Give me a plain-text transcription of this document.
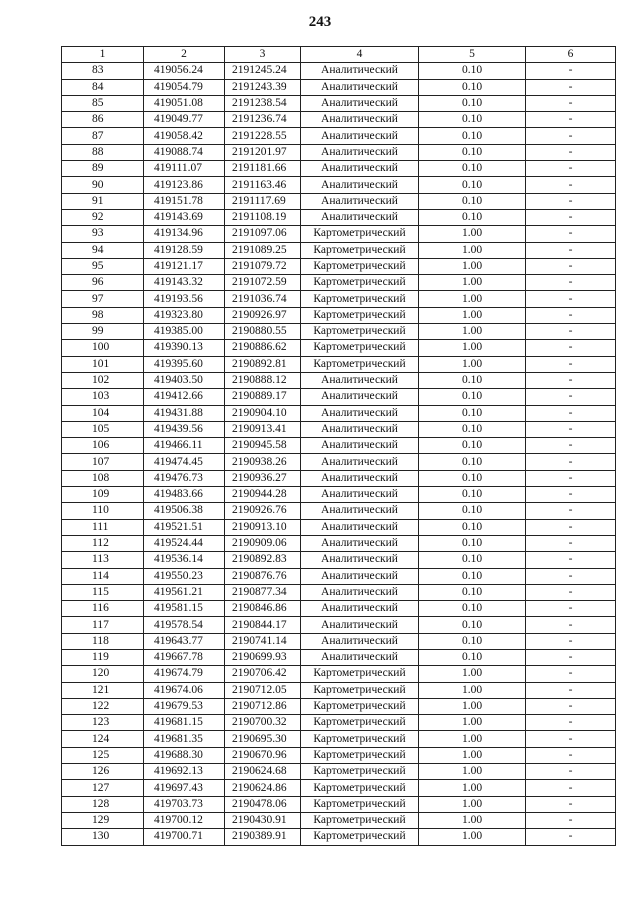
243
1	2	3	4	5	6
83	419056.24	2191245.24	Аналитический	0.10	-
84	419054.79	2191243.39	Аналитический	0.10	-
85	419051.08	2191238.54	Аналитический	0.10	-
86	419049.77	2191236.74	Аналитический	0.10	-
87	419058.42	2191228.55	Аналитический	0.10	-
88	419088.74	2191201.97	Аналитический	0.10	-
89	419111.07	2191181.66	Аналитический	0.10	-
90	419123.86	2191163.46	Аналитический	0.10	-
91	419151.78	2191117.69	Аналитический	0.10	-
92	419143.69	2191108.19	Аналитический	0.10	-
93	419134.96	2191097.06	Картометрический	1.00	-
94	419128.59	2191089.25	Картометрический	1.00	-
95	419121.17	2191079.72	Картометрический	1.00	-
96	419143.32	2191072.59	Картометрический	1.00	-
97	419193.56	2191036.74	Картометрический	1.00	-
98	419323.80	2190926.97	Картометрический	1.00	-
99	419385.00	2190880.55	Картометрический	1.00	-
100	419390.13	2190886.62	Картометрический	1.00	-
101	419395.60	2190892.81	Картометрический	1.00	-
102	419403.50	2190888.12	Аналитический	0.10	-
103	419412.66	2190889.17	Аналитический	0.10	-
104	419431.88	2190904.10	Аналитический	0.10	-
105	419439.56	2190913.41	Аналитический	0.10	-
106	419466.11	2190945.58	Аналитический	0.10	-
107	419474.45	2190938.26	Аналитический	0.10	-
108	419476.73	2190936.27	Аналитический	0.10	-
109	419483.66	2190944.28	Аналитический	0.10	-
110	419506.38	2190926.76	Аналитический	0.10	-
111	419521.51	2190913.10	Аналитический	0.10	-
112	419524.44	2190909.06	Аналитический	0.10	-
113	419536.14	2190892.83	Аналитический	0.10	-
114	419550.23	2190876.76	Аналитический	0.10	-
115	419561.21	2190877.34	Аналитический	0.10	-
116	419581.15	2190846.86	Аналитический	0.10	-
117	419578.54	2190844.17	Аналитический	0.10	-
118	419643.77	2190741.14	Аналитический	0.10	-
119	419667.78	2190699.93	Аналитический	0.10	-
120	419674.79	2190706.42	Картометрический	1.00	-
121	419674.06	2190712.05	Картометрический	1.00	-
122	419679.53	2190712.86	Картометрический	1.00	-
123	419681.15	2190700.32	Картометрический	1.00	-
124	419681.35	2190695.30	Картометрический	1.00	-
125	419688.30	2190670.96	Картометрический	1.00	-
126	419692.13	2190624.68	Картометрический	1.00	-
127	419697.43	2190624.86	Картометрический	1.00	-
128	419703.73	2190478.06	Картометрический	1.00	-
129	419700.12	2190430.91	Картометрический	1.00	-
130	419700.71	2190389.91	Картометрический	1.00	-
